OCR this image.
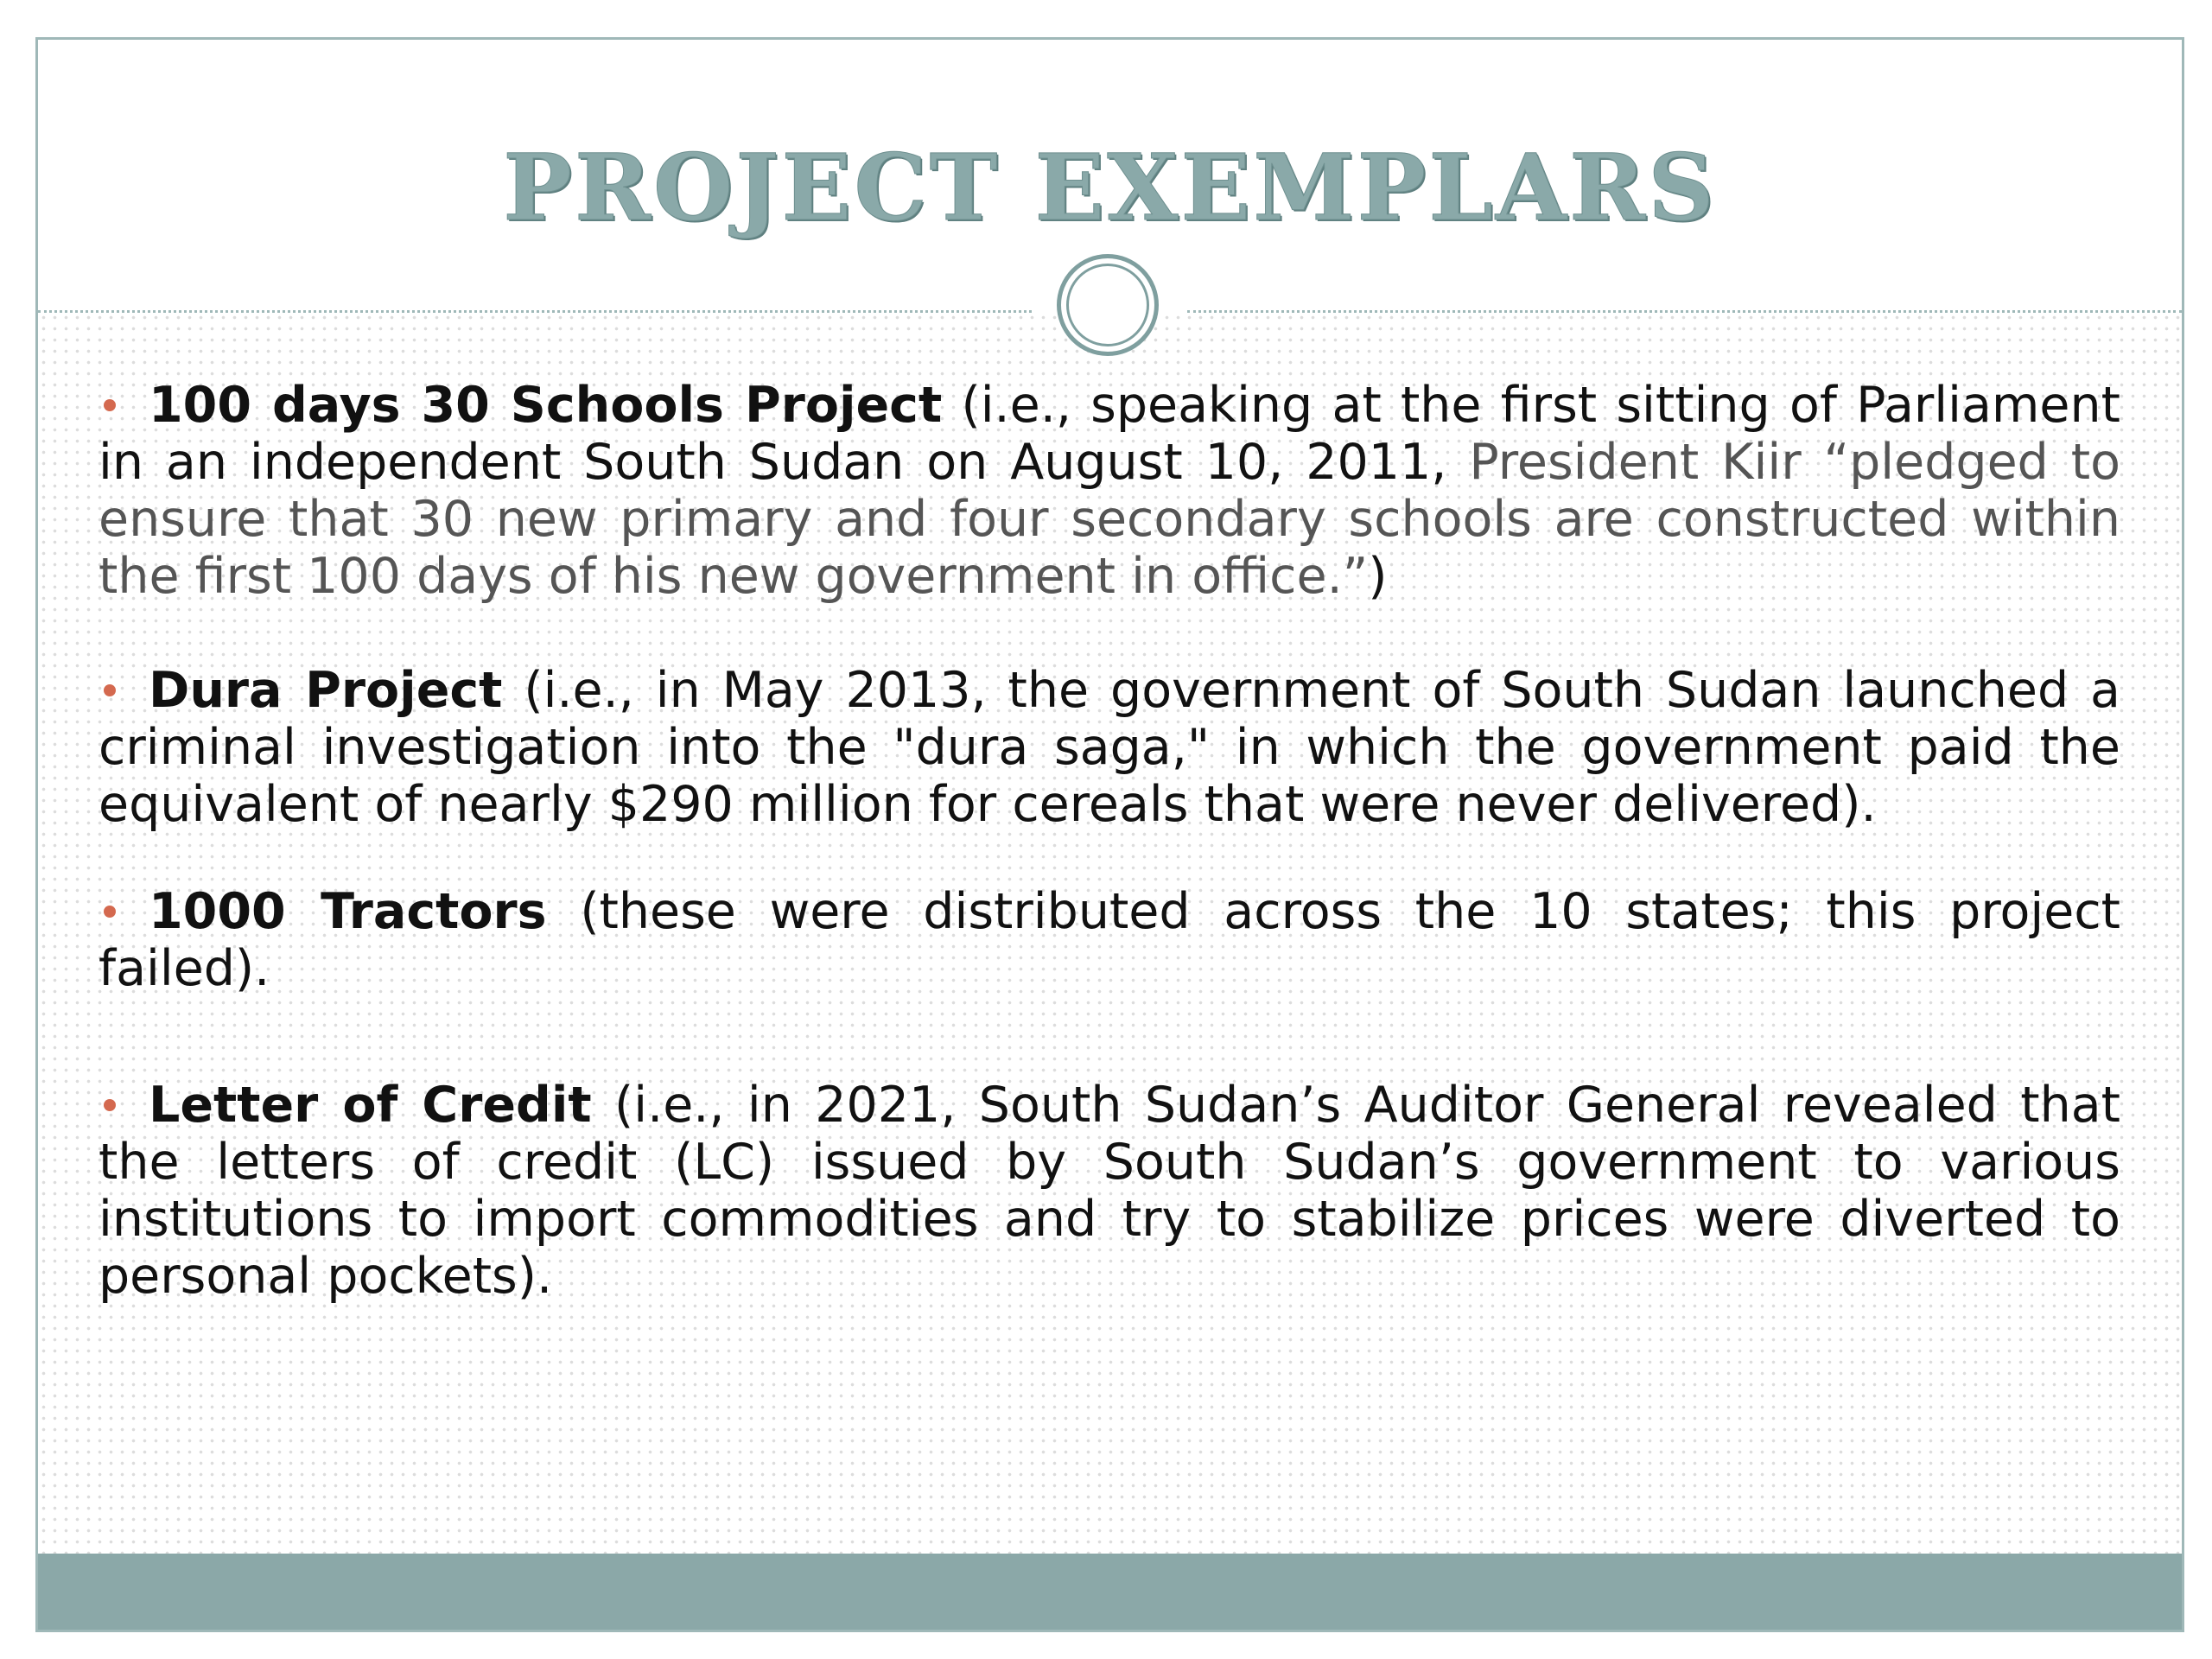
PROJECT EXEMPLARS
100 days 30 Schools Project (i.e., speaking at the first sitting of Parliament in an independent South Sudan on August 10, 2011, President Kiir “pledged to ensure that 30 new primary and four secondary schools are constructed within the first 100 days of his new government in office.”)
Dura Project (i.e., in May 2013, the government of South Sudan launched a criminal investigation into the "dura saga," in which the government paid the equivalent of nearly $290 million for cereals that were never delivered).
1000 Tractors (these were distributed across the 10 states; this project failed).
Letter of Credit (i.e., in 2021, South Sudan’s Auditor General revealed that the letters of credit (LC) issued by South Sudan’s government to various institutions to import commodities and try to stabilize prices were diverted to personal pockets).
